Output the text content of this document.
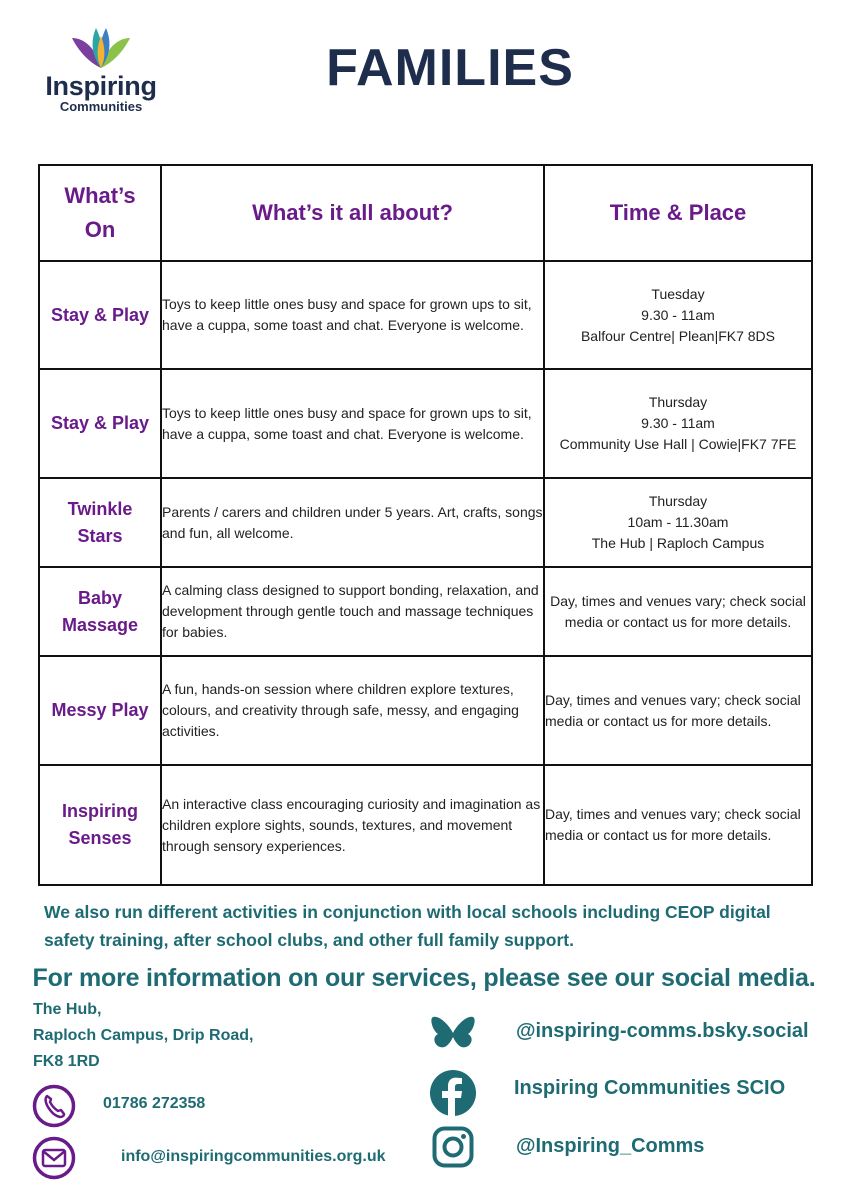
Inspiring
Communities
FAMILIES
What’s On	What’s it all about?	Time & Place
Stay & Play	Toys to keep little ones busy and space for grown ups to sit, have a cuppa, some toast and chat. Everyone is welcome.	Tuesday
9.30 - 11am
Balfour Centre| Plean|FK7 8DS

Stay & Play	Toys to keep little ones busy and space for grown ups to sit, have a cuppa, some toast and chat. Everyone is welcome.	Thursday
9.30 - 11am
Community Use Hall | Cowie|FK7 7FE

Twinkle Stars	Parents / carers and children under 5 years. Art, crafts, songs and fun, all welcome.	Thursday
10am - 11.30am
The Hub | Raploch Campus

Baby Massage	A calming class designed to support bonding, relaxation, and development through gentle touch and massage techniques for babies.	Day, times and venues vary; check social media or contact us for more details.
Messy Play	A fun, hands-on session where children explore textures, colours, and creativity through safe, messy, and engaging activities.	Day, times and venues vary; check social media or contact us for more details.
Inspiring Senses	An interactive class encouraging curiosity and imagination as children explore sights, sounds, textures, and movement through sensory experiences.	Day, times and venues vary; check social media or contact us for more details.
We also run different activities in conjunction with local schools including CEOP digital safety training, after school clubs, and other full family support.
For more information on our services, please see our social media.
The Hub,
Raploch Campus, Drip Road,
FK8 1RD
01786 272358
info@inspiringcommunities.org.uk
@inspiring-comms.bsky.social
Inspiring Communities SCIO
@Inspiring_Comms
